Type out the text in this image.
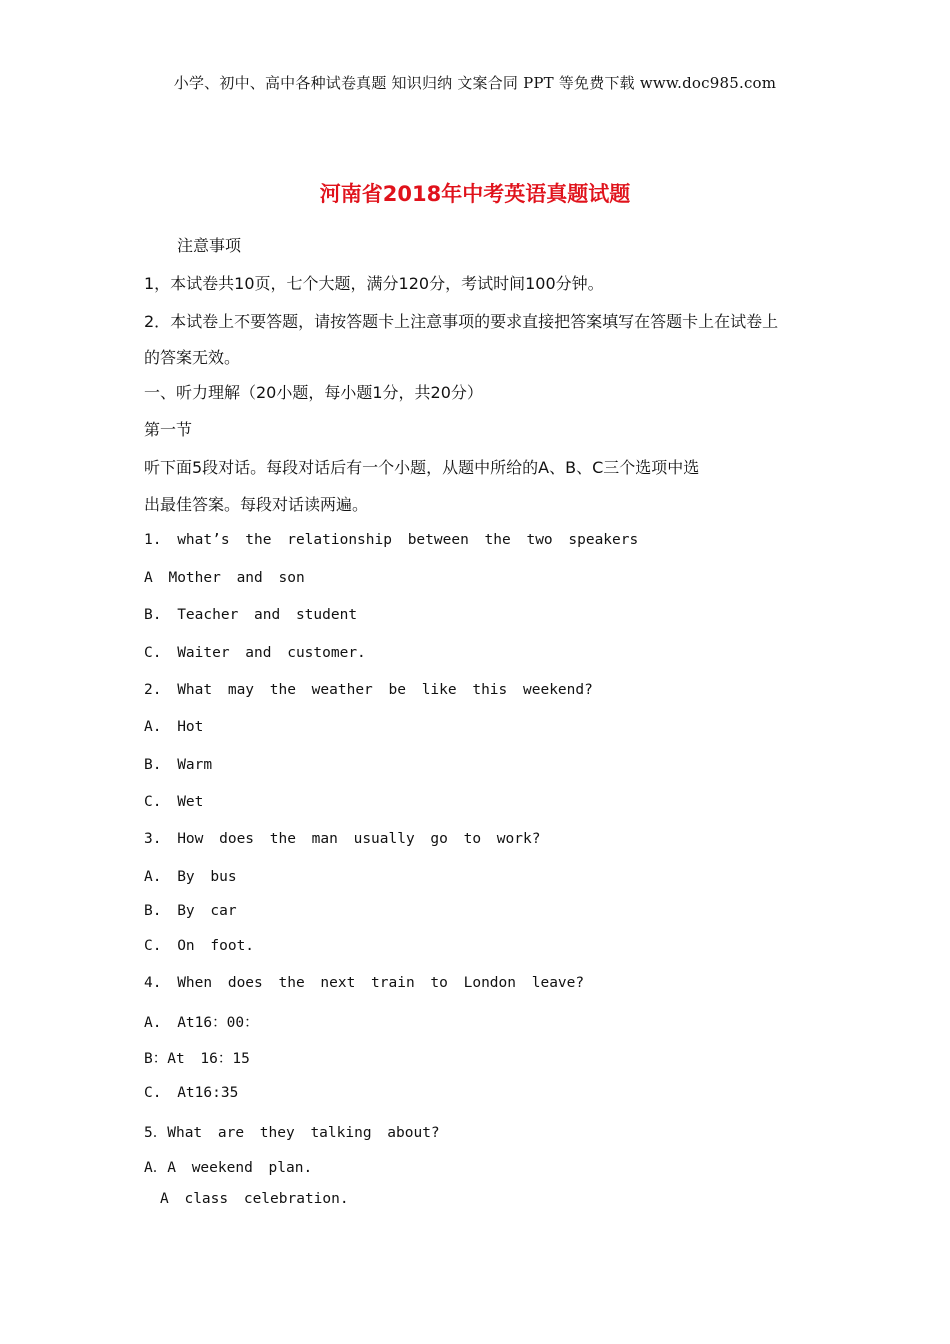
小学、初中、高中各种试卷真题 知识归纳 文案合同 PPT 等免费下载 www.doc985.com
河南省2018年中考英语真题试题
注意事项
1，本试卷共10页，七个大题，满分120分，考试时间100分钟。
2．本试卷上不要答题，请按答题卡上注意事项的要求直接把答案填写在答题卡上在试卷上
的答案无效。
一、听力理解（20小题，每小题1分，共20分）
第一节
听下面5段对话。每段对话后有一个小题，从题中所给的A、B、C三个选项中选
出最佳答案。每段对话读两遍。
1. what’s the relationship between the two speakers
A Mother and son
B. Teacher and student
C. Waiter and customer.
2. What may the weather be like this weekend?
A. Hot
B. Warm
C. Wet
3. How does the man usually go to work?
A. By bus
B. By car
C. On foot.
4. When does the next train to London leave?
A. At16：00：
B：At 16：15
C. At16:35
5．What are they talking about?
A．A weekend plan.
A class celebration.
